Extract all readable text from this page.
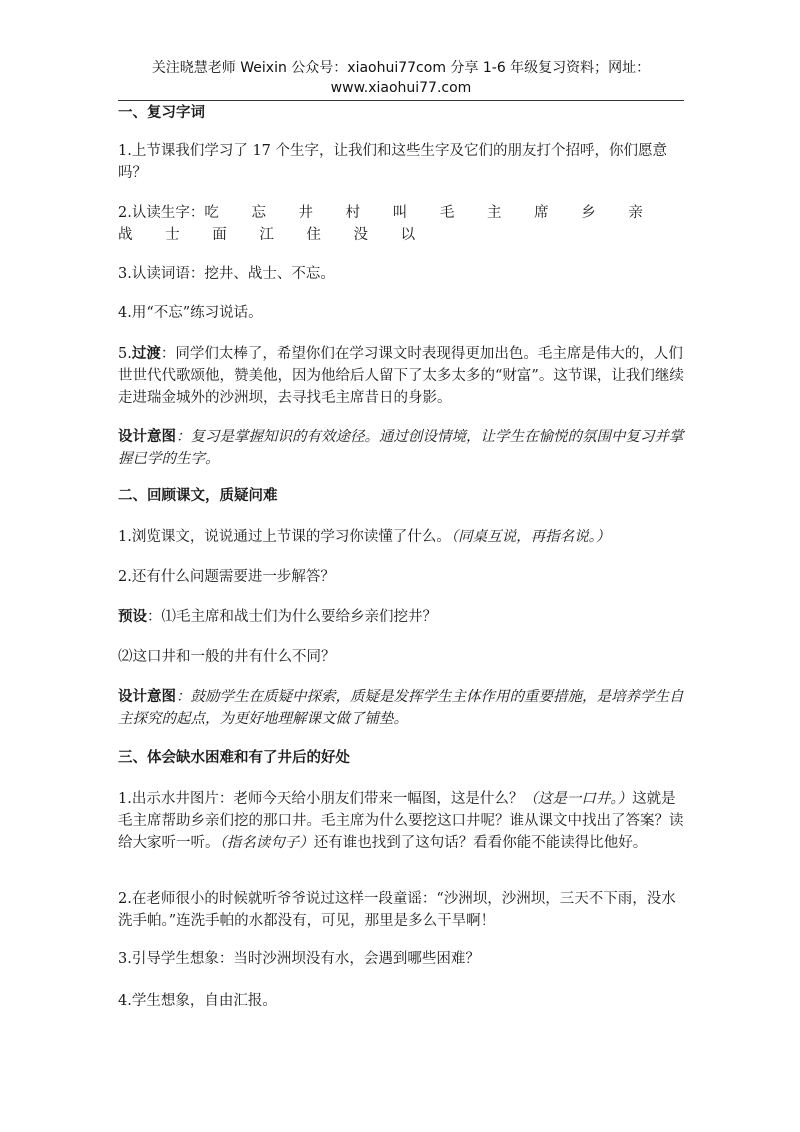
关注晓慧老师 Weixin 公众号：xiaohui77com 分享 1-6 年级复习资料；网址：
www.xiaohui77.com

一、复习字词

1.上节课我们学习了 17 个生字，让我们和这些生字及它们的朋友打个招呼，你们愿意吗？

2.认读生字：吃 忘 井 村 叫 毛 主 席 乡 亲 战 士 面 江 住 没 以

3.认读词语：挖井、战士、不忘。

4.用“不忘”练习说话。

5.过渡：同学们太棒了，希望你们在学习课文时表现得更加出色。毛主席是伟大的，人们世世代代歌颂他，赞美他，因为他给后人留下了太多太多的“财富”。这节课，让我们继续走进瑞金城外的沙洲坝，去寻找毛主席昔日的身影。

设计意图：复习是掌握知识的有效途径。通过创设情境，让学生在愉悦的氛围中复习并掌握已学的生字。

二、回顾课文，质疑问难

1.浏览课文，说说通过上节课的学习你读懂了什么。（同桌互说，再指名说。）

2.还有什么问题需要进一步解答？

预设：⑴毛主席和战士们为什么要给乡亲们挖井？

⑵这口井和一般的井有什么不同？

设计意图：鼓励学生在质疑中探索，质疑是发挥学生主体作用的重要措施，是培养学生自主探究的起点，为更好地理解课文做了铺垫。

三、体会缺水困难和有了井后的好处

1.出示水井图片：老师今天给小朋友们带来一幅图，这是什么？（这是一口井。）这就是毛主席帮助乡亲们挖的那口井。毛主席为什么要挖这口井呢？谁从课文中找出了答案？读给大家听一听。（指名读句子）还有谁也找到了这句话？看看你能不能读得比他好。

2.在老师很小的时候就听爷爷说过这样一段童谣：“沙洲坝，沙洲坝，三天不下雨，没水洗手帕。”连洗手帕的水都没有，可见，那里是多么干旱啊！

3.引导学生想象：当时沙洲坝没有水，会遇到哪些困难？

4.学生想象，自由汇报。
